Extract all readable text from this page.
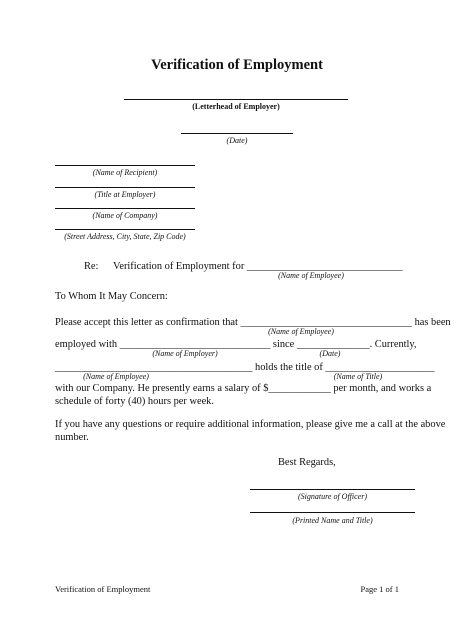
Verification of Employment
(Letterhead of Employer)
(Date)
(Name of Recipient)
(Title at Employer)
(Name of Company)
(Street Address, City, State, Zip Code)
Re: Verification of Employment for ______________________________
(Name of Employee)
To Whom It May Concern:
Please accept this letter as confirmation that _________________________________ has been
(Name of Employee)
employed with _____________________________ since ______________. Currently,
(Name of Employer)	(Date)
______________________________________ holds the title of _____________________
(Name of Employee)	(Name of Title)
with our Company. He presently earns a salary of $____________ per month, and works a
schedule of forty (40) hours per week.
If you have any questions or require additional information, please give me a call at the above
number.
Best Regards,
(Signature of Officer)
(Printed Name and Title)
Verification of Employment	Page 1 of 1
